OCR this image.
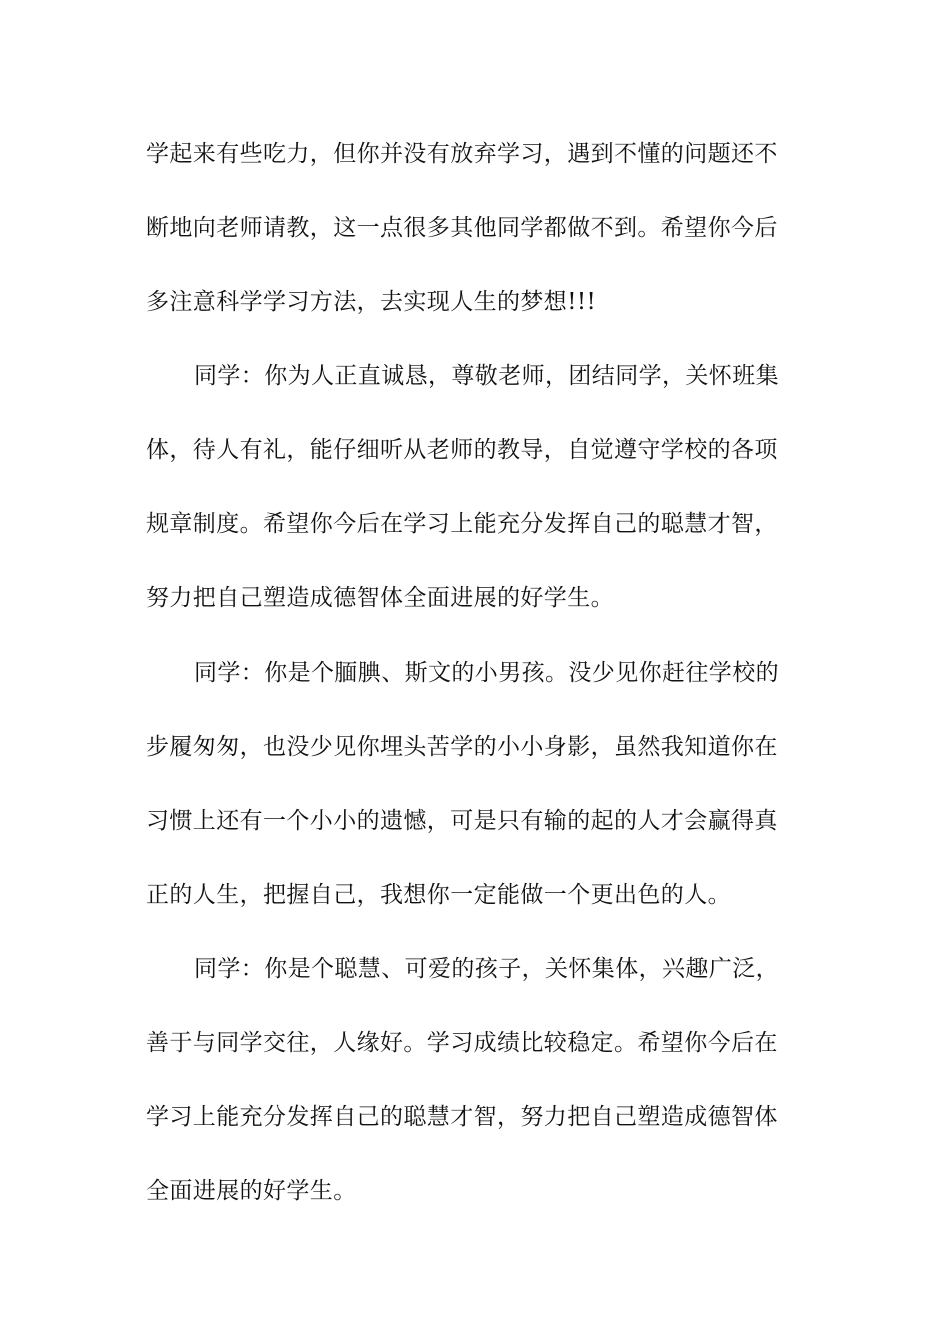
学起来有些吃力，但你并没有放弃学习，遇到不懂的问题还不
断地向老师请教，这一点很多其他同学都做不到。希望你今后
多注意科学学习方法，去实现人生的梦想!!!
同学：你为人正直诚恳，尊敬老师，团结同学，关怀班集
体，待人有礼，能仔细听从老师的教导，自觉遵守学校的各项
规章制度。希望你今后在学习上能充分发挥自己的聪慧才智，
努力把自己塑造成德智体全面进展的好学生。
同学：你是个腼腆、斯文的小男孩。没少见你赶往学校的
步履匆匆，也没少见你埋头苦学的小小身影，虽然我知道你在
习惯上还有一个小小的遗憾，可是只有输的起的人才会赢得真
正的人生，把握自己，我想你一定能做一个更出色的人。
同学：你是个聪慧、可爱的孩子，关怀集体，兴趣广泛，
善于与同学交往，人缘好。学习成绩比较稳定。希望你今后在
学习上能充分发挥自己的聪慧才智，努力把自己塑造成德智体
全面进展的好学生。
